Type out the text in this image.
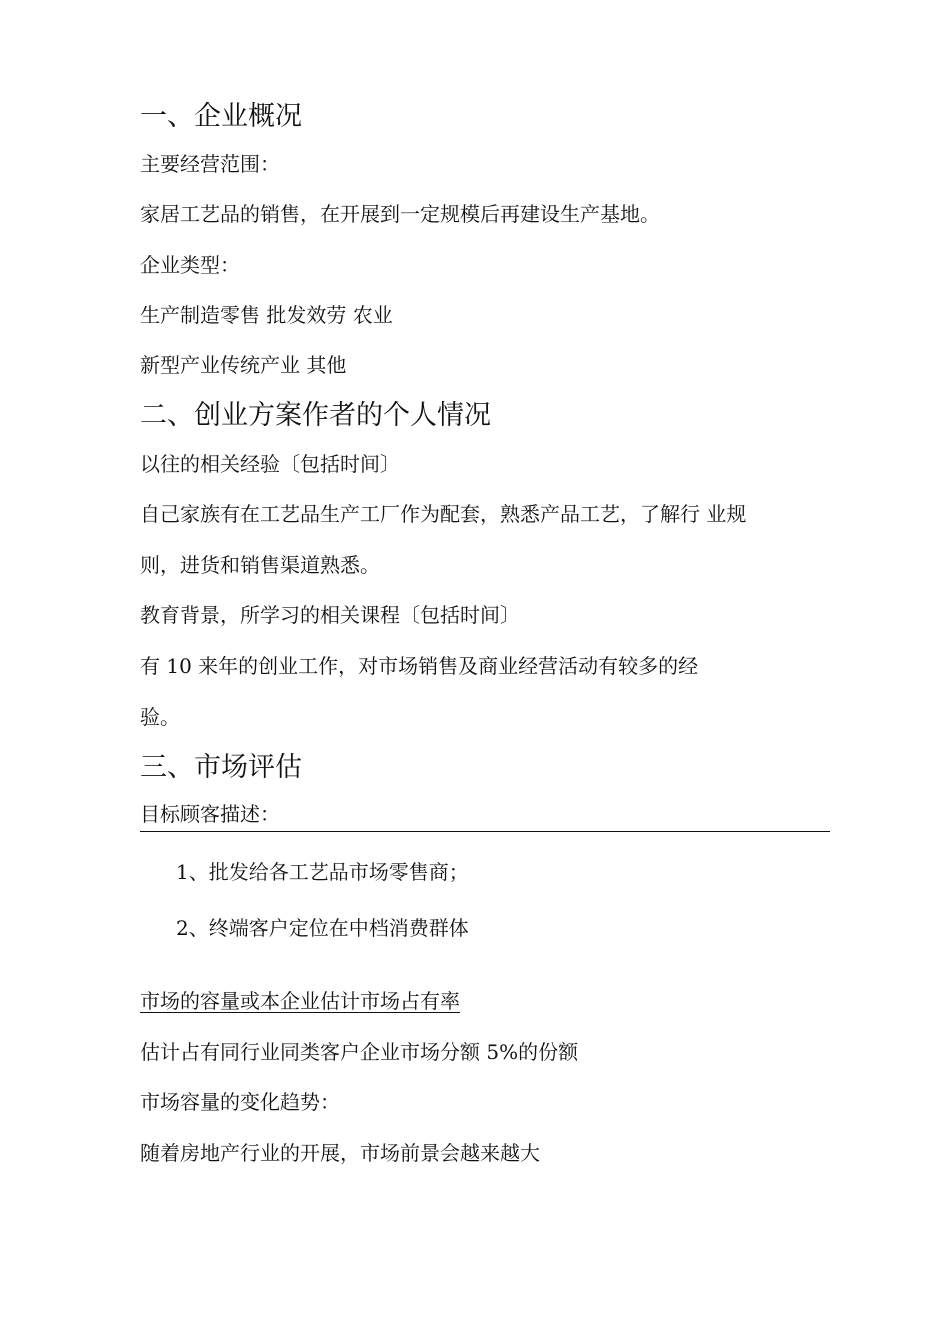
一、企业概况
主要经营范围：
家居工艺品的销售，在开展到一定规模后再建设生产基地。
企业类型：
生产制造零售 批发效劳 农业
新型产业传统产业 其他
二、创业方案作者的个人情况
以往的相关经验〔包括时间〕
自己家族有在工艺品生产工厂作为配套，熟悉产品工艺，了解行 业规
则，进货和销售渠道熟悉。
教育背景，所学习的相关课程〔包括时间〕
有 10 来年的创业工作，对市场销售及商业经营活动有较多的经
验。
三、市场评估
目标顾客描述：
1、批发给各工艺品市场零售商；
2、终端客户定位在中档消费群体
市场的容量或本企业估计市场占有率
估计占有同行业同类客户企业市场分额 5%的份额
市场容量的变化趋势：
随着房地产行业的开展，市场前景会越来越大
